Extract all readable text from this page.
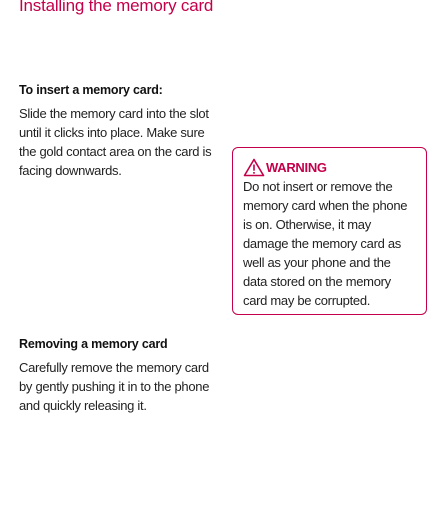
Installing the memory card
To insert a memory card:

Slide the memory card into the slot until it clicks into place. Make sure the gold contact area on the card is facing downwards.	WARNING

Do not insert or remove the memory card when the phone is on. Otherwise, it may damage the memory card as well as your phone and the data stored on the memory card may be corrupted.

Removing a memory card

Carefully remove the memory card by gently pushing it in to the phone and quickly releasing it.
